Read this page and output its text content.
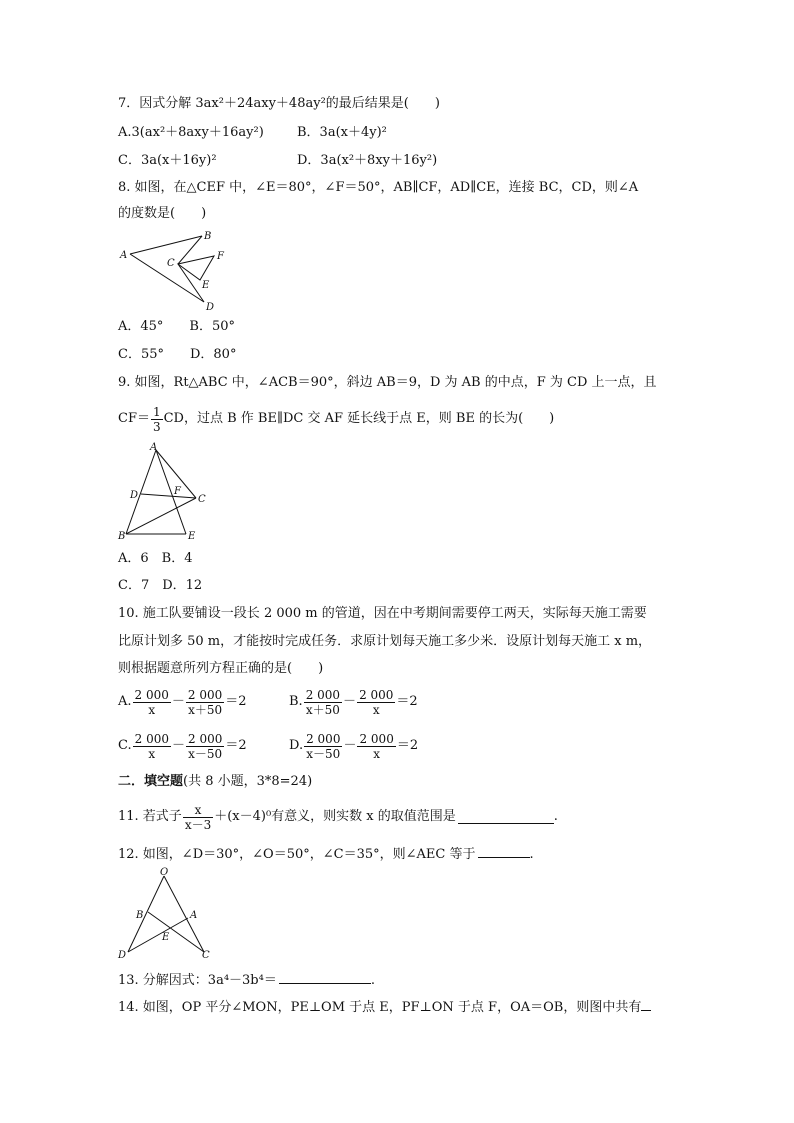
7．因式分解 3ax²＋24axy＋48ay²的最后结果是(　　)
A.3(ax²＋8axy＋16ay²)	B．3a(x＋4y)²
C．3a(x＋16y)²	D．3a(x²＋8xy＋16y²)
8. 如图，在△CEF 中，∠E＝80°，∠F＝50°，AB∥CF，AD∥CE，连接 BC，CD，则∠A
的度数是(　　)
A
B
C
F
E
D
A．45°　　B．50°
C．55°　　D．80°
9. 如图，Rt△ABC 中，∠ACB＝90°，斜边 AB＝9，D 为 AB 的中点，F 为 CD 上一点，且
$CF= \frac{1}{3}$ CD，过点 B 作 BE∥DC 交 AF 延长线于点 E，则 BE 的长为(　　)
A
D	F
C
B	E
A．6　B．4
C．7　D．12
10. 施工队要铺设一段长 2 000 m 的管道，因在中考期间需要停工两天，实际每天施工需要
比原计划多 50 m，才能按时完成任务．求原计划每天施工多少米．设原计划每天施工 x m，
则根据题意所列方程正确的是(　　)
A. $\frac{2 000}{x} - \frac{2 000}{x+50} =2$	B. $\frac{2 000}{x+50} - \frac{2 000}{x} =2$
C. $\frac{2 000}{x} - \frac{2 000}{x-50} =2$	D. $\frac{2 000}{x-50} - \frac{2 000}{x} =2$
二．填空题(共 8 小题，3*8=24)
11. 若式子 $\frac{x}{x-3} +(x-4)^0$有意义，则实数 x 的取值范围是	.
12. 如图，∠D＝30°，∠O＝50°，∠C＝35°，则∠AEC 等于	.
O
B	A
E
D	C
13. 分解因式：3a⁴－3b⁴＝	.
14. 如图，OP 平分∠MON，PE⊥OM 于点 E，PF⊥ON 于点 F，OA＝OB，则图中共有
